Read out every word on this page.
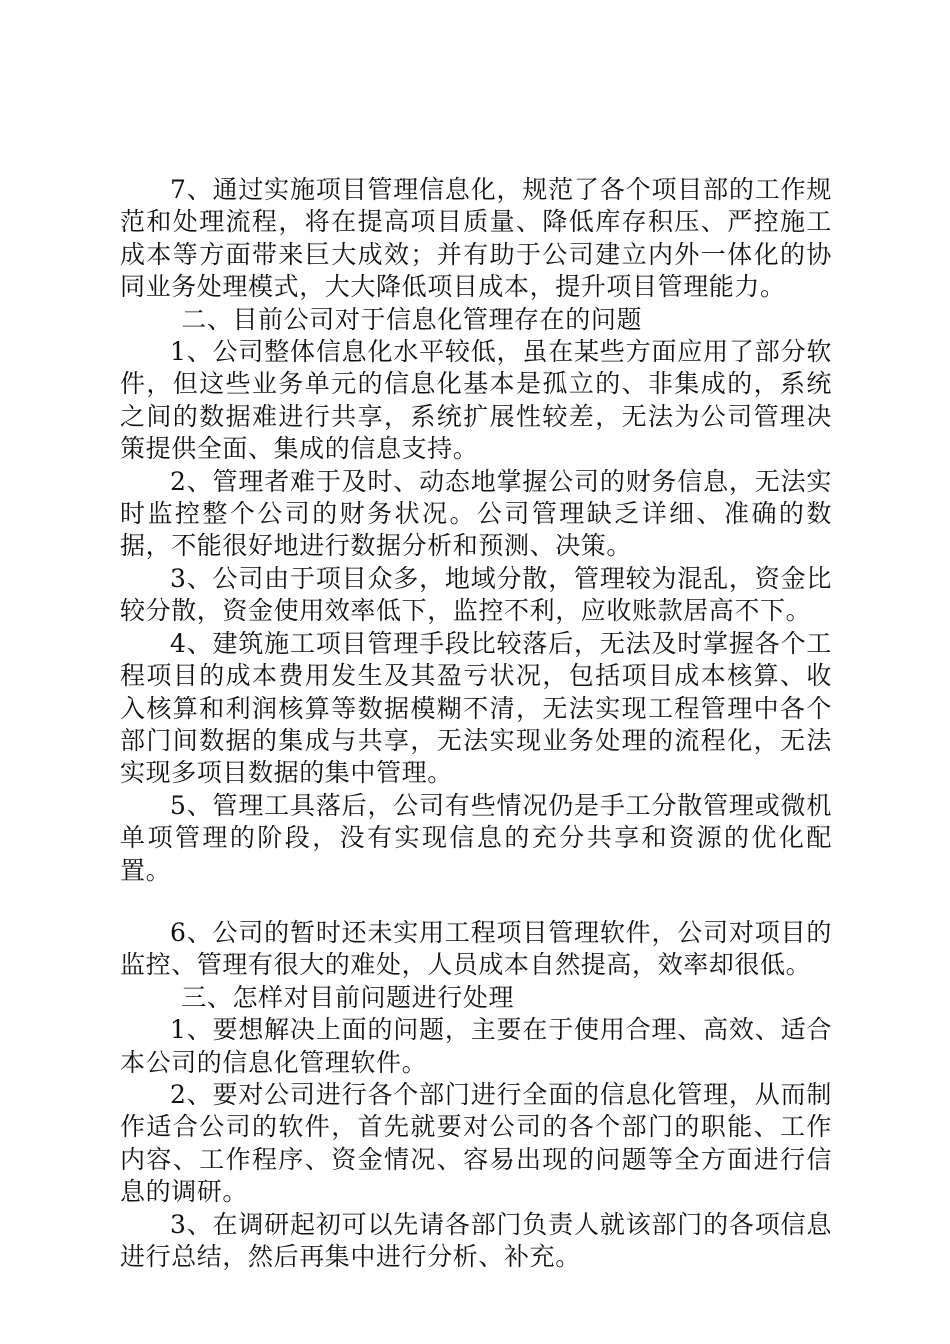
7、通过实施项目管理信息化，规范了各个项目部的工作规范和处理流程，将在提高项目质量、降低库存积压、严控施工成本等方面带来巨大成效；并有助于公司建立内外一体化的协同业务处理模式，大大降低项目成本，提升项目管理能力。

二、目前公司对于信息化管理存在的问题

1、公司整体信息化水平较低，虽在某些方面应用了部分软件，但这些业务单元的信息化基本是孤立的、非集成的，系统之间的数据难进行共享，系统扩展性较差，无法为公司管理决策提供全面、集成的信息支持。

2、管理者难于及时、动态地掌握公司的财务信息，无法实时监控整个公司的财务状况。公司管理缺乏详细、准确的数据，不能很好地进行数据分析和预测、决策。

3、公司由于项目众多，地域分散，管理较为混乱，资金比较分散，资金使用效率低下，监控不利，应收账款居高不下。

4、建筑施工项目管理手段比较落后，无法及时掌握各个工程项目的成本费用发生及其盈亏状况，包括项目成本核算、收入核算和利润核算等数据模糊不清，无法实现工程管理中各个部门间数据的集成与共享，无法实现业务处理的流程化，无法实现多项目数据的集中管理。

5、管理工具落后，公司有些情况仍是手工分散管理或微机单项管理的阶段，没有实现信息的充分共享和资源的优化配置。

6、公司的暂时还未实用工程项目管理软件，公司对项目的监控、管理有很大的难处，人员成本自然提高，效率却很低。

三、怎样对目前问题进行处理

1、要想解决上面的问题，主要在于使用合理、高效、适合本公司的信息化管理软件。

2、要对公司进行各个部门进行全面的信息化管理，从而制作适合公司的软件，首先就要对公司的各个部门的职能、工作内容、工作程序、资金情况、容易出现的问题等全方面进行信息的调研。

3、在调研起初可以先请各部门负责人就该部门的各项信息进行总结，然后再集中进行分析、补充。
